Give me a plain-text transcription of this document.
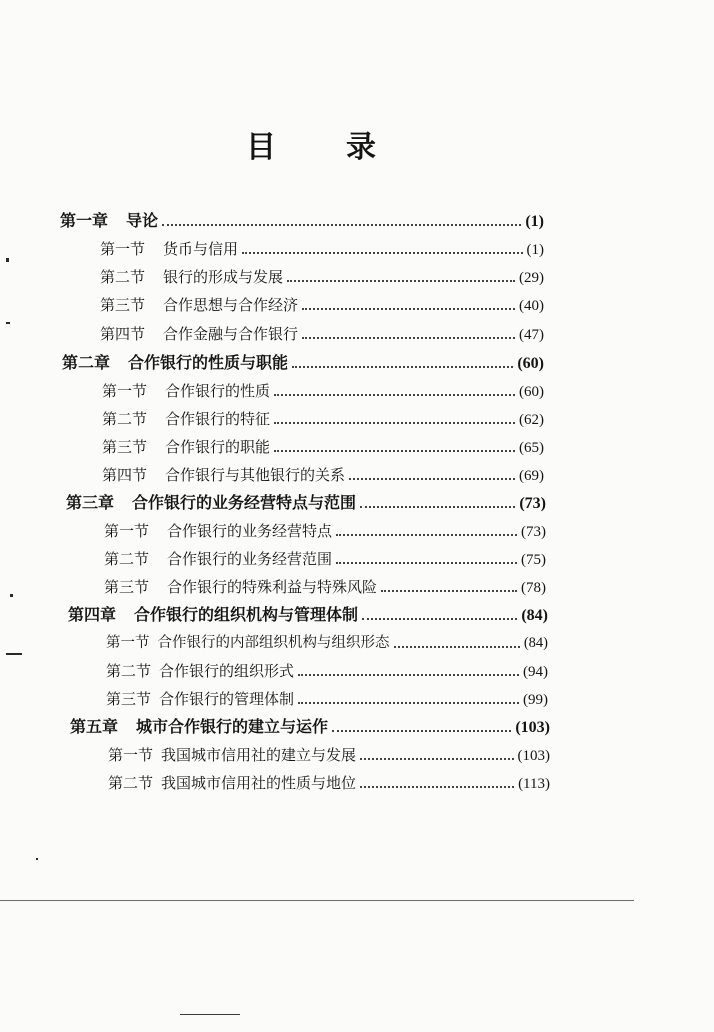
目 录
第一章 导论	(1)
第一节 货币与信用	(1)
第二节 银行的形成与发展	(29)
第三节 合作思想与合作经济	(40)
第四节 合作金融与合作银行	(47)
第二章 合作银行的性质与职能	(60)
第一节 合作银行的性质	(60)
第二节 合作银行的特征	(62)
第三节 合作银行的职能	(65)
第四节 合作银行与其他银行的关系	(69)
第三章 合作银行的业务经营特点与范围	(73)
第一节 合作银行的业务经营特点	(73)
第二节 合作银行的业务经营范围	(75)
第三节 合作银行的特殊利益与特殊风险	(78)
第四章 合作银行的组织机构与管理体制	(84)
第一节 合作银行的内部组织机构与组织形态	(84)
第二节 合作银行的组织形式	(94)
第三节 合作银行的管理体制	(99)
第五章 城市合作银行的建立与运作	(103)
第一节 我国城市信用社的建立与发展	(103)
第二节 我国城市信用社的性质与地位	(113)
